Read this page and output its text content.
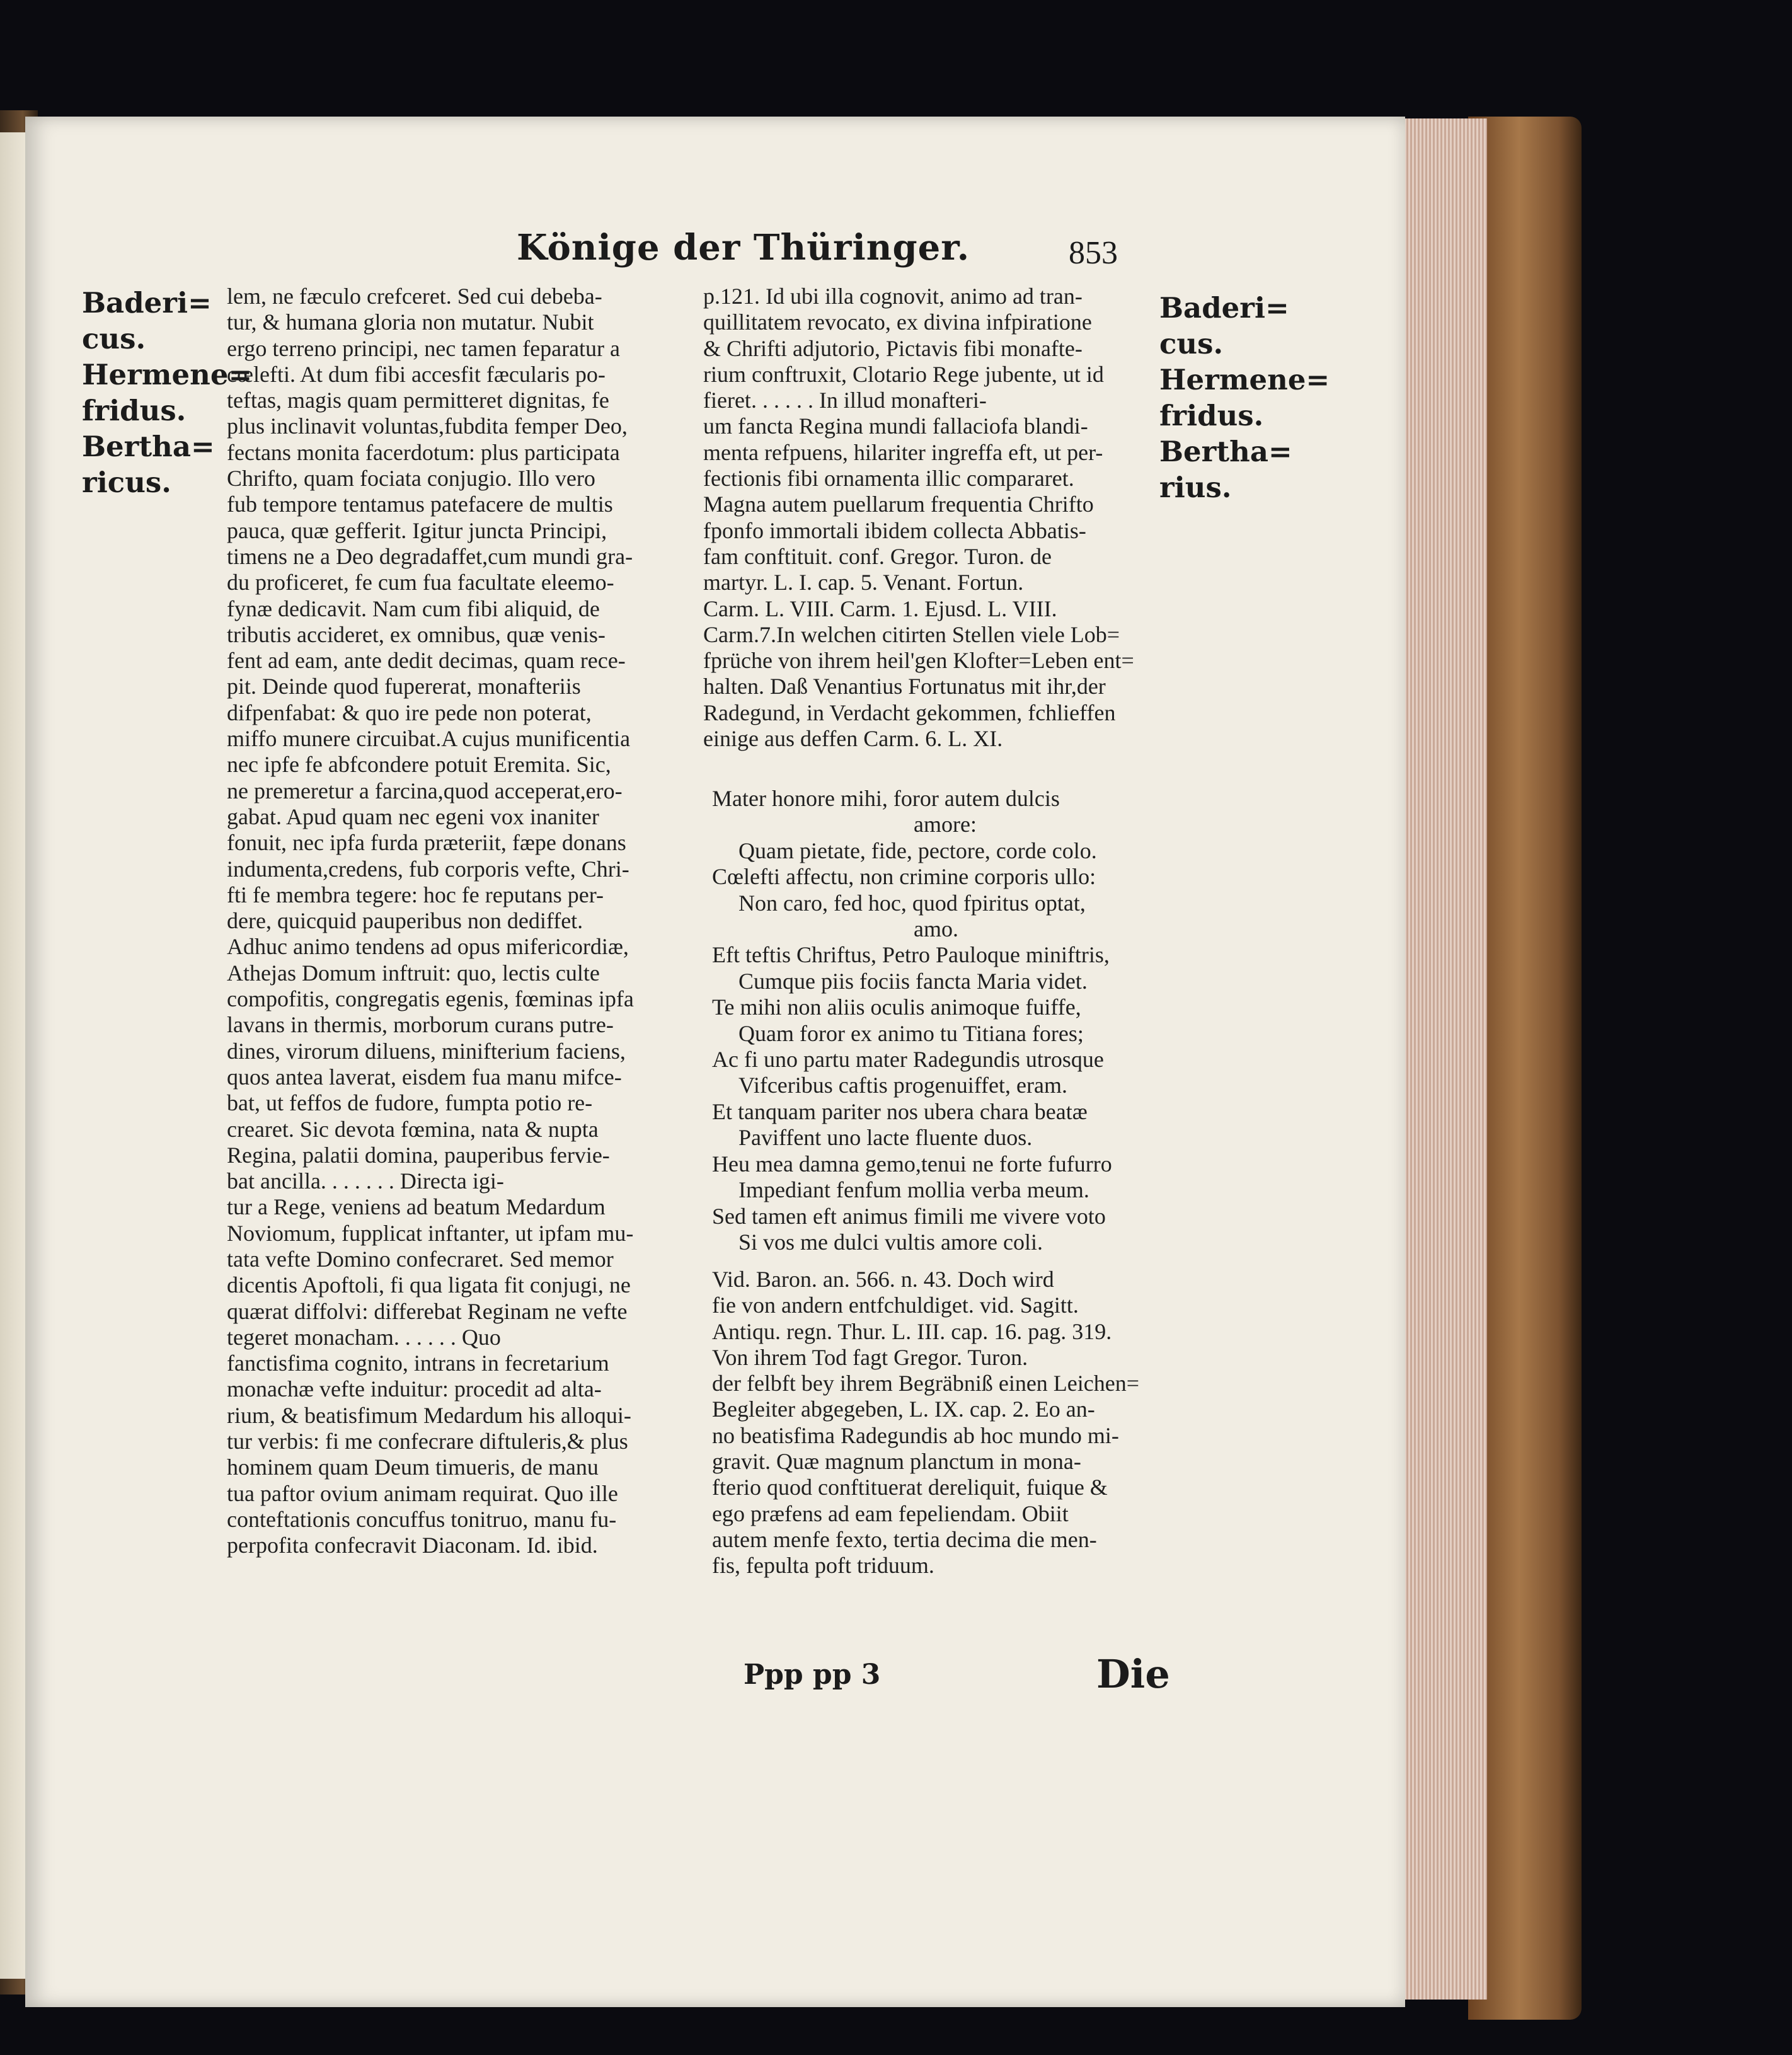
Könige der Thüringer.	853
Baderi=
cus.
Hermene=
fridus.
Bertha=
ricus.
Baderi=
cus.
Hermene=
fridus.
Bertha=
rius.
lem, ne fæculo crefceret. Sed cui debeba-
tur, & humana gloria non mutatur. Nubit
ergo terreno principi, nec tamen feparatur a
cœlefti. At dum fibi accesfit fæcularis po-
teftas, magis quam permitteret dignitas, fe
plus inclinavit voluntas,fubdita femper Deo,
fectans monita facerdotum: plus participata
Chrifto, quam fociata conjugio. Illo vero
fub tempore tentamus patefacere de multis
pauca, quæ gefferit. Igitur juncta Principi,
timens ne a Deo degradaffet,cum mundi gra-
du proficeret, fe cum fua facultate eleemo-
fynæ dedicavit. Nam cum fibi aliquid, de
tributis accideret, ex omnibus, quæ venis-
fent ad eam, ante dedit decimas, quam rece-
pit. Deinde quod fupererat, monafteriis
difpenfabat: & quo ire pede non poterat,
miffo munere circuibat.A cujus munificentia
nec ipfe fe abfcondere potuit Eremita. Sic,
ne premeretur a farcina,quod acceperat,ero-
gabat. Apud quam nec egeni vox inaniter
fonuit, nec ipfa furda præteriit, fæpe donans
indumenta,credens, fub corporis vefte, Chri-
fti fe membra tegere: hoc fe reputans per-
dere, quicquid pauperibus non dediffet.
Adhuc animo tendens ad opus mifericordiæ,
Athejas Domum inftruit: quo, lectis culte
compofitis, congregatis egenis, fœminas ipfa
lavans in thermis, morborum curans putre-
dines, virorum diluens, minifterium faciens,
quos antea laverat, eisdem fua manu mifce-
bat, ut feffos de fudore, fumpta potio re-
crearet. Sic devota fœmina, nata & nupta
Regina, palatii domina, pauperibus fervie-
bat ancilla. . . . . . . Directa igi-
tur a Rege, veniens ad beatum Medardum
Noviomum, fupplicat inftanter, ut ipfam mu-
tata vefte Domino confecraret. Sed memor
dicentis Apoftoli, fi qua ligata fit conjugi, ne
quærat diffolvi: differebat Reginam ne vefte
tegeret monacham. . . . . . Quo
fanctisfima cognito, intrans in fecretarium
monachæ vefte induitur: procedit ad alta-
rium, & beatisfimum Medardum his alloqui-
tur verbis: fi me confecrare diftuleris,& plus
hominem quam Deum timueris, de manu
tua paftor ovium animam requirat. Quo ille
conteftationis concuffus tonitruo, manu fu-
perpofita confecravit Diaconam. Id. ibid.
p.121. Id ubi illa cognovit, animo ad tran-
quillitatem revocato, ex divina infpiratione
& Chrifti adjutorio, Pictavis fibi monafte-
rium conftruxit, Clotario Rege jubente, ut id
fieret. . . . . . In illud monafteri-
um fancta Regina mundi fallaciofa blandi-
menta refpuens, hilariter ingreffa eft, ut per-
fectionis fibi ornamenta illic compararet.
Magna autem puellarum frequentia Chrifto
fponfo immortali ibidem collecta Abbatis-
fam conftituit. conf. Gregor. Turon. de
martyr. L. I. cap. 5. Venant. Fortun.
Carm. L. VIII. Carm. 1. Ejusd. L. VIII.
Carm.7.In welchen citirten Stellen viele Lob=
fprüche von ihrem heil'gen Klofter=Leben ent=
halten. Daß Venantius Fortunatus mit ihr,der
Radegund, in Verdacht gekommen, fchlieffen
einige aus deffen Carm. 6. L. XI.
Mater honore mihi, foror autem dulcis
amore:
Quam pietate, fide, pectore, corde colo.
Cœlefti affectu, non crimine corporis ullo:
Non caro, fed hoc, quod fpiritus optat,
amo.
Eft teftis Chriftus, Petro Pauloque miniftris,
Cumque piis fociis fancta Maria videt.
Te mihi non aliis oculis animoque fuiffe,
Quam foror ex animo tu Titiana fores;
Ac fi uno partu mater Radegundis utrosque
Vifceribus caftis progenuiffet, eram.
Et tanquam pariter nos ubera chara beatæ
Paviffent uno lacte fluente duos.
Heu mea damna gemo,tenui ne forte fufurro
Impediant fenfum mollia verba meum.
Sed tamen eft animus fimili me vivere voto
Si vos me dulci vultis amore coli.
Vid. Baron. an. 566. n. 43. Doch wird
fie von andern entfchuldiget. vid. Sagitt.
Antiqu. regn. Thur. L. III. cap. 16. pag. 319.
Von ihrem Tod fagt Gregor. Turon.
der felbft bey ihrem Begräbniß einen Leichen=
Begleiter abgegeben, L. IX. cap. 2. Eo an-
no beatisfima Radegundis ab hoc mundo mi-
gravit. Quæ magnum planctum in mona-
fterio quod conftituerat dereliquit, fuique &
ego præfens ad eam fepeliendam. Obiit
autem menfe fexto, tertia decima die men-
fis, fepulta poft triduum.
Ppp pp 3	Die
